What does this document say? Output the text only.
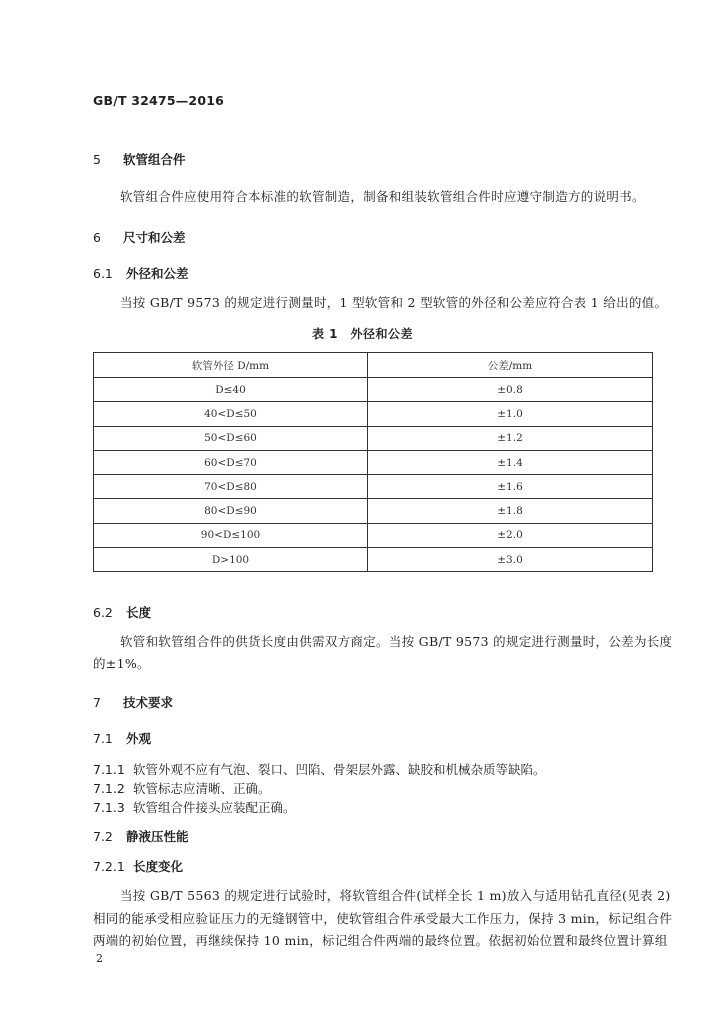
GB/T 32475—2016
5 软管组合件
软管组合件应使用符合本标准的软管制造，制备和组装软管组合件时应遵守制造方的说明书。
6 尺寸和公差
6.1 外径和公差
当按 GB/T 9573 的规定进行测量时，1 型软管和 2 型软管的外径和公差应符合表 1 给出的值。
表 1　外径和公差
软管外径 D/mm	公差/mm
D≤40	±0.8
40<D≤50	±1.0
50<D≤60	±1.2
60<D≤70	±1.4
70<D≤80	±1.6
80<D≤90	±1.8
90<D≤100	±2.0
D>100	±3.0
6.2 长度
软管和软管组合件的供货长度由供需双方商定。当按 GB/T 9573 的规定进行测量时，公差为长度
的±1%。
7 技术要求
7.1 外观
7.1.1 软管外观不应有气泡、裂口、凹陷、骨架层外露、缺胶和机械杂质等缺陷。
7.1.2 软管标志应清晰、正确。
7.1.3 软管组合件接头应装配正确。
7.2 静液压性能
7.2.1 长度变化
当按 GB/T 5563 的规定进行试验时，将软管组合件(试样全长 1 m)放入与适用钻孔直径(见表 2)
相同的能承受相应验证压力的无缝钢管中，使软管组合件承受最大工作压力，保持 3 min，标记组合件
两端的初始位置，再继续保持 10 min，标记组合件两端的最终位置。依据初始位置和最终位置计算组
2
